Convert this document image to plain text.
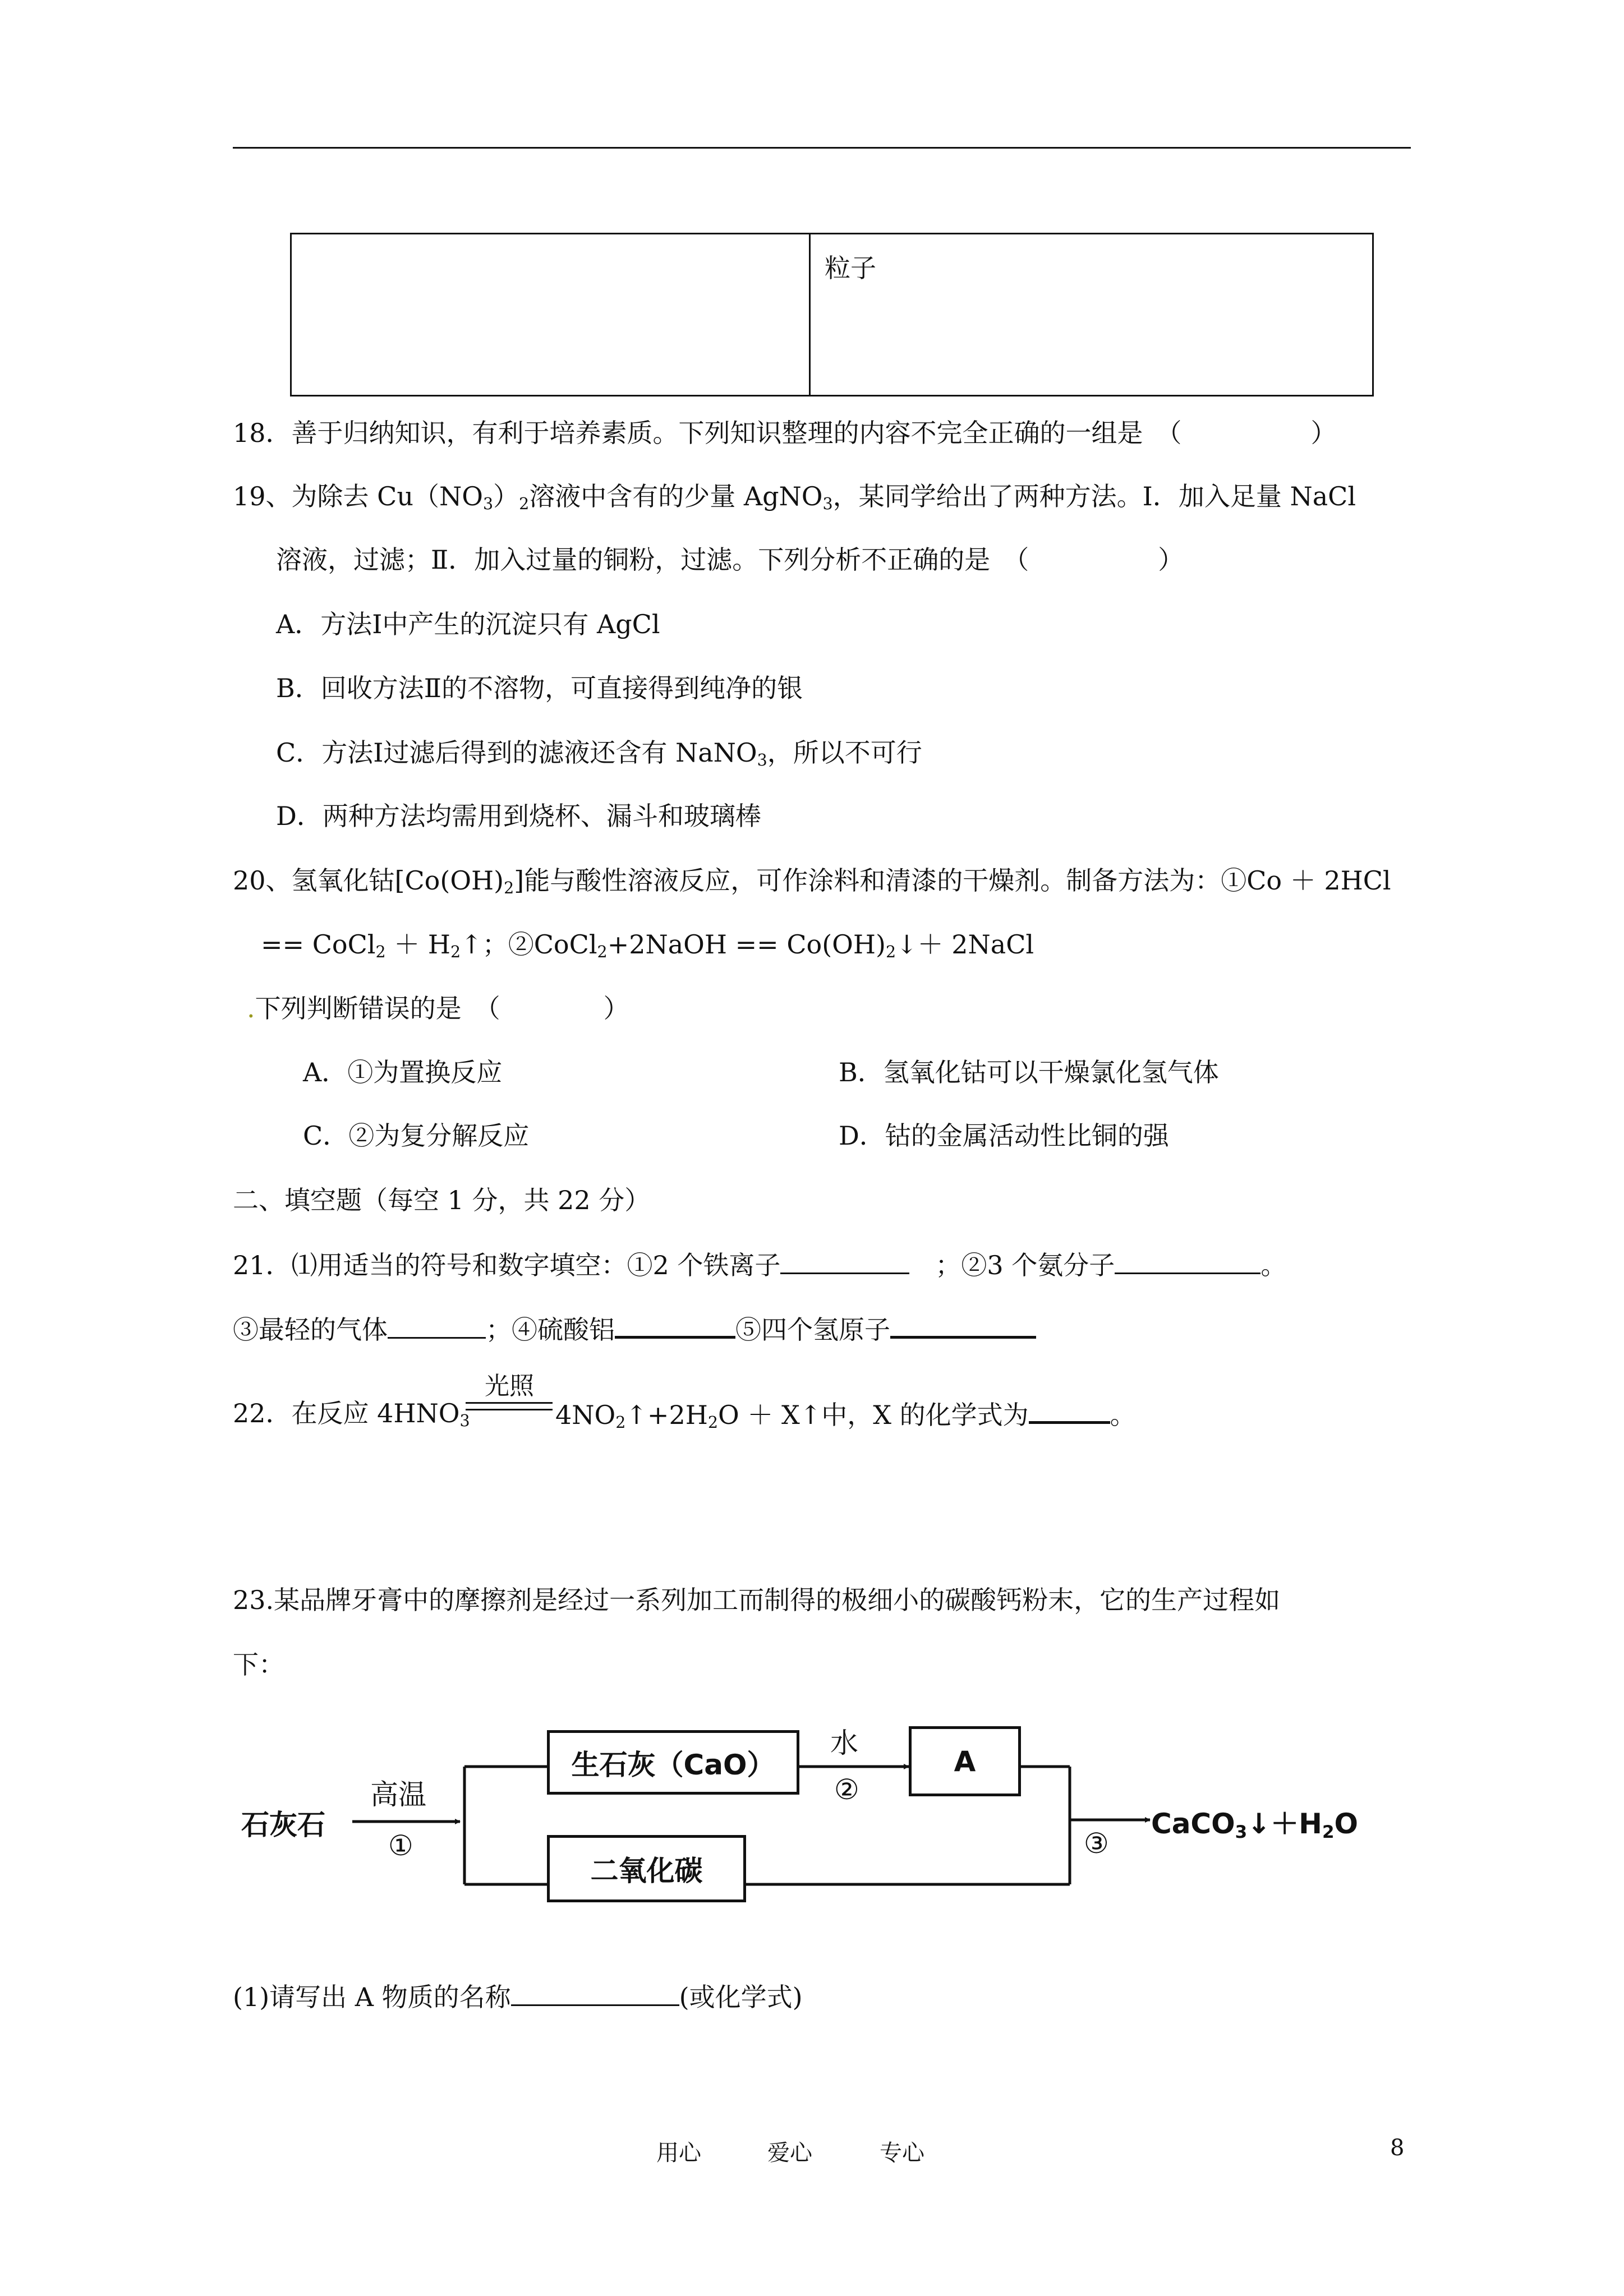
粒子
18．善于归纳知识，有利于培养素质。下列知识整理的内容不完全正确的一组是　（　　　　　）
19、为除去 $Cu(NO_3)_2$溶液中含有的少量 AgNO$_3$，某同学给出了两种方法。Ⅰ．加入足量 NaCl
溶液，过滤；Ⅱ．加入过量的铜粉，过滤。下列分析不正确的是　（　　　　　）
A．方法Ⅰ中产生的沉淀只有 AgCl
B．回收方法Ⅱ的不溶物，可直接得到纯净的银
C．方法Ⅰ过滤后得到的滤液还含有 NaNO$_3$，所以不可行
D．两种方法均需用到烧杯、漏斗和玻璃棒
20、氢氧化钴$[Co(OH)_2]$能与酸性溶液反应，可作涂料和清漆的干燥剂。制备方法为：①Co ＋ 2HCl
== CoCl$_2$ ＋ $H_2↑$；②CoCl$_2$+2NaOH == $Co(OH)_2↓+$ 2NaCl
.下列判断错误的是　（　　　　）
A．①为置换反应	B．氢氧化钴可以干燥氯化氢气体
C．②为复分解反应	D．钴的金属活动性比铜的强
二、填空题（每空 1 分，共 22 分）
21．⑴用适当的符号和数字填空：①2 个铁离子　	；②3 个氨分子	。
③最轻的气体	；④硫酸铝	⑤四个氢原子
光照
22．在反应 $4HNO_3$	$4NO_2↑+2H_2O$ ＋ X↑中，X 的化学式为	。
23.某品牌牙膏中的摩擦剂是经过一系列加工而制得的极细小的碳酸钙粉末，它的生产过程如
下：
石灰石
高温
①
生石灰（CaO）
水
②
A
二氧化碳
③
$CaCO_3↓+H_2O$
(1)请写出 A 物质的名称	(或化学式)
用心	爱心	专心	8
